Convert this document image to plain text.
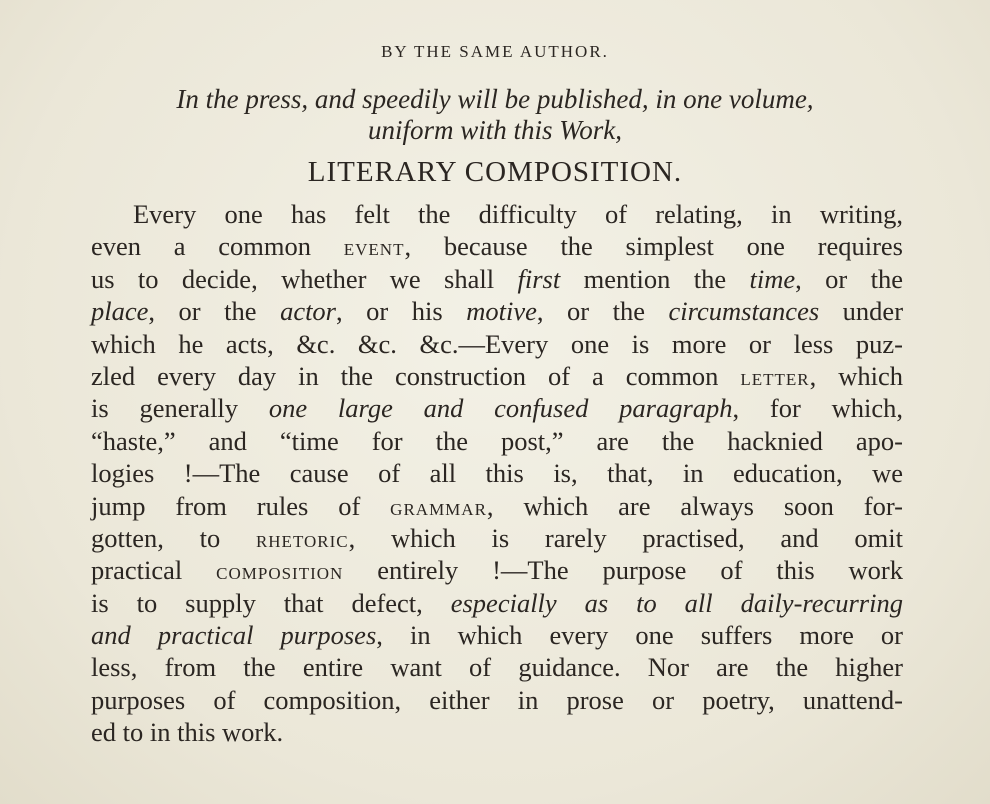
BY THE SAME AUTHOR.
In the press, and speedily will be published, in one volume,
uniform with this Work,
LITERARY COMPOSITION.
Every one has felt the difficulty of relating, in writing,
even a common event, because the simplest one requires
us to decide, whether we shall first mention the time, or the
place, or the actor, or his motive, or the circumstances under
which he acts, &c. &c. &c.—Every one is more or less puz-
zled every day in the construction of a common letter, which
is generally one large and confused paragraph, for which,
“haste,” and “time for the post,” are the hacknied apo-
logies !—The cause of all this is, that, in education, we
jump from rules of grammar, which are always soon for-
gotten, to rhetoric, which is rarely practised, and omit
practical composition entirely !—The purpose of this work
is to supply that defect, especially as to all daily-recurring
and practical purposes, in which every one suffers more or
less, from the entire want of guidance. Nor are the higher
purposes of composition, either in prose or poetry, unattend-
ed to in this work.
